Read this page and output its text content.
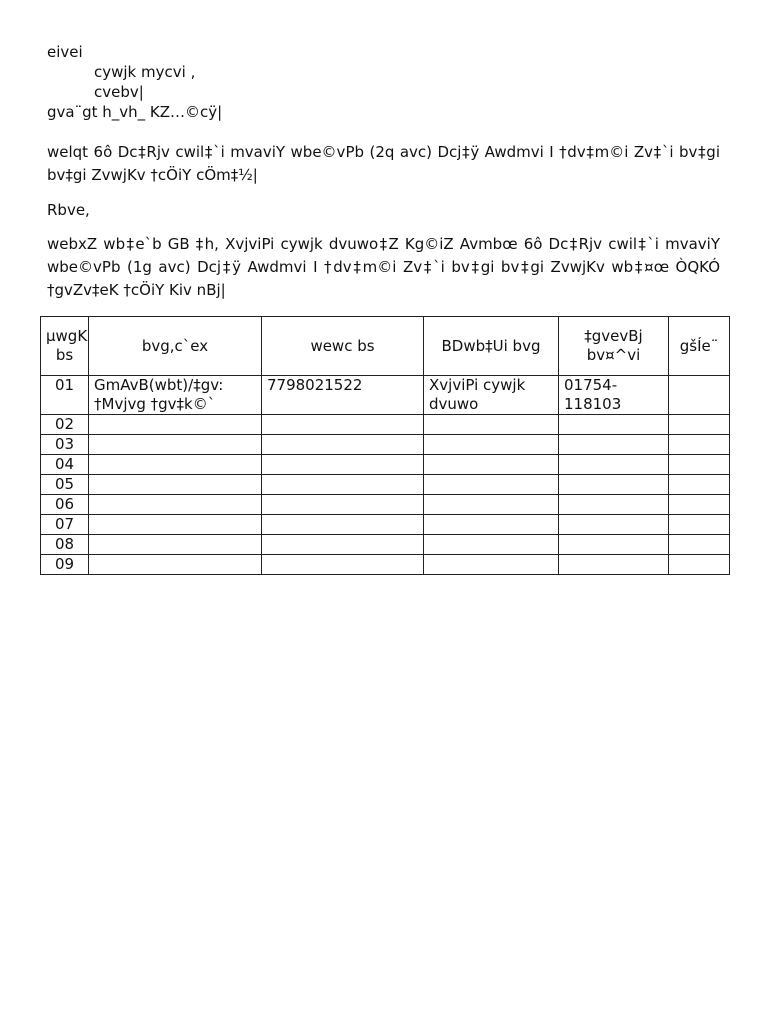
eivei
cywjk mycvi ,
cvebv|
gva¨gt h_vh_ KZ…©cÿ|
welqt 6ô Dc‡Rjv cwil‡`i mvaviY wbe©vPb (2q avc) Dcj‡ÿ Awdmvi I †dv‡m©i Zv‡`i bv‡gi bv‡gi ZvwjKv †cÖiY cÖm‡½|
Rbve,
webxZ wb‡e`b GB ‡h, XvjviPi cywjk dvuwo‡Z Kg©iZ Avmbœ 6ô Dc‡Rjv cwil‡`i mvaviY wbe©vPb (1g avc) Dcj‡ÿ Awdmvi I †dv‡m©i Zv‡`i bv‡gi bv‡gi ZvwjKv wb‡¤œ ÒQKÓ †gvZv‡eK †cÖiY Kiv nBj|
µwgK bs	bvg,c`ex	wewc bs	BDwb‡Ui bvg	‡gvevBj bv¤^vi	gšÍe¨
01	GmAvB(wbt)/‡gv: †Mvjvg †gv‡k©`	7798021522	XvjviPi cywjk dvuwo	01754-118103	
02					
03					
04					
05					
06					
07					
08					
09					
